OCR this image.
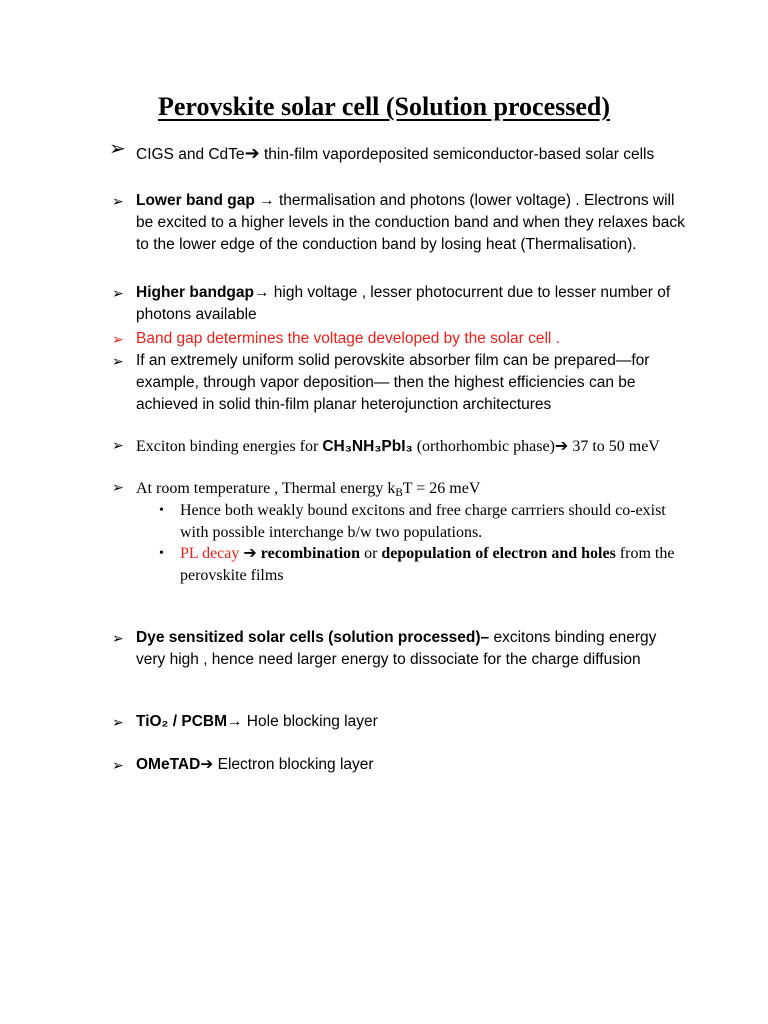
Perovskite solar cell (Solution processed)
➢ CIGS and CdTe➔ thin-film vapordeposited semiconductor-based solar cells
➢ Lower band gap → thermalisation and photons (lower voltage) . Electrons will be excited to a higher levels in the conduction band and when they relaxes back to the lower edge of the conduction band by losing heat (Thermalisation).
➢ Higher bandgap→ high voltage , lesser photocurrent due to lesser number of photons available
➢ Band gap determines the voltage developed by the solar cell .
➢ If an extremely uniform solid perovskite absorber film can be prepared—for example, through vapor deposition— then the highest efficiencies can be achieved in solid thin-film planar heterojunction architectures
➢ Exciton binding energies for CH₃NH₃PbI₃ (orthorhombic phase)➔ 37 to 50 meV
➢ At room temperature , Thermal energy $k_BT = 26$ meV
• Hence both weakly bound excitons and free charge carrriers should co-exist with possible interchange b/w two populations.
• PL decay ➔ recombination or depopulation of electron and holes from the perovskite films
➢ Dye sensitized solar cells (solution processed)– excitons binding energy very high , hence need larger energy to dissociate for the charge diffusion
➢ TiO₂ / PCBM→ Hole blocking layer
➢ OMeTAD➔ Electron blocking layer
